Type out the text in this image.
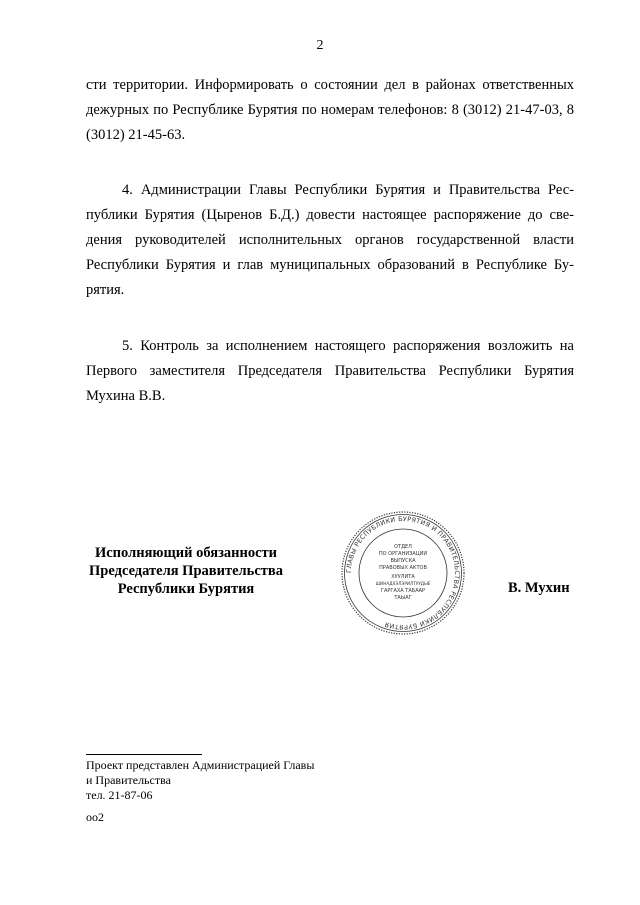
2

сти территории. Информировать о состоянии дел в районах ответственных дежурных по Республике Бурятия по номерам телефонов: 8 (3012) 21-47-03, 8 (3012) 21-45-63.

4. Администрации Главы Республики Бурятия и Правительства Республики Бурятия (Цыренов Б.Д.) довести настоящее распоряжение до сведения руководителей исполнительных органов государственной власти Республики Бурятия и глав муниципальных образований в Республике Бурятия.

5. Контроль за исполнением настоящего распоряжения возложить на Первого заместителя Председателя Правительства Республики Бурятия Мухина В.В.

Исполняющий обязанности
Председателя Правительства
Республики Бурятия
ГЛАВЫ РЕСПУБЛИКИ БУРЯТИЯ И ПРАВИТЕЛЬСТВА РЕСПУБЛИКИ БУРЯТИЯ
ОТДЕЛ
ПО ОРГАНИЗАЦИИ
ВЫПУСКА
ПРАВОВЫХ АКТОВ
ХУУЛИТА
ШИНАДХЭЛЭРИЛТУУДЫЕ
ГАРГАХА ТАБААР
ТАЫАГ
В. Мухин
Проект представлен Администрацией Главы
и Правительства
тел. 21-87-06
оо2
